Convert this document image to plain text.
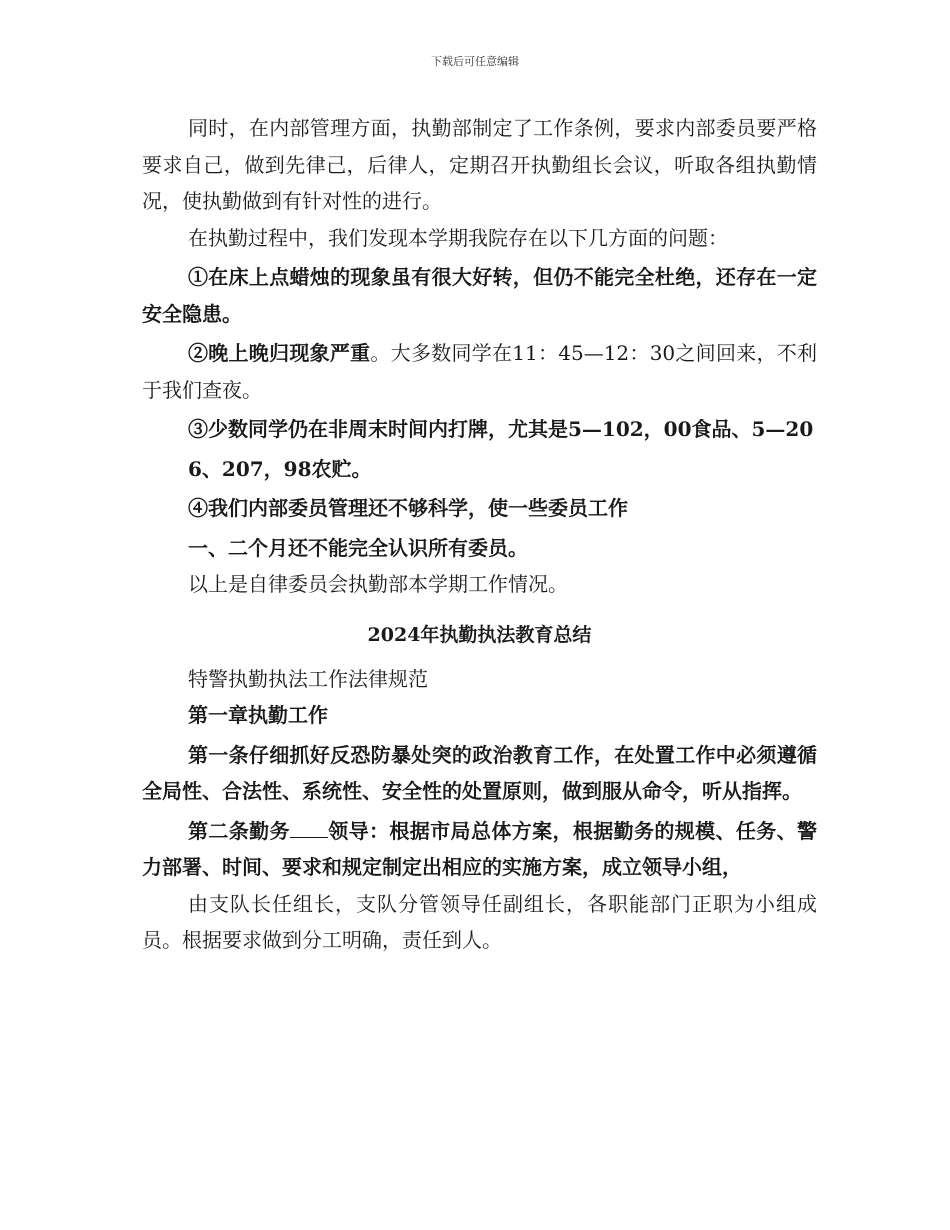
下载后可任意编辑

同时，在内部管理方面，执勤部制定了工作条例，要求内部委员要严格要求自己，做到先律己，后律人，定期召开执勤组长会议，听取各组执勤情况，使执勤做到有针对性的进行。

在执勤过程中，我们发现本学期我院存在以下几方面的问题：

①在床上点蜡烛的现象虽有很大好转，但仍不能完全杜绝，还存在一定安全隐患。

②晚上晚归现象严重。大多数同学在11：45—12：30之间回来，不利于我们查夜。

③少数同学仍在非周末时间内打牌，尤其是5—102，00食品、5—20

6、207，98农贮。

④我们内部委员管理还不够科学，使一些委员工作

一、二个月还不能完全认识所有委员。

以上是自律委员会执勤部本学期工作情况。

2024年执勤执法教育总结

特警执勤执法工作法律规范

第一章执勤工作

第一条仔细抓好反恐防暴处突的政治教育工作，在处置工作中必须遵循全局性、合法性、系统性、安全性的处置原则，做到服从命令，听从指挥。

第二条勤务 领导：根据市局总体方案，根据勤务的规模、任务、警力部署、时间、要求和规定制定出相应的实施方案，成立领导小组，

由支队长任组长，支队分管领导任副组长，各职能部门正职为小组成员。根据要求做到分工明确，责任到人。
